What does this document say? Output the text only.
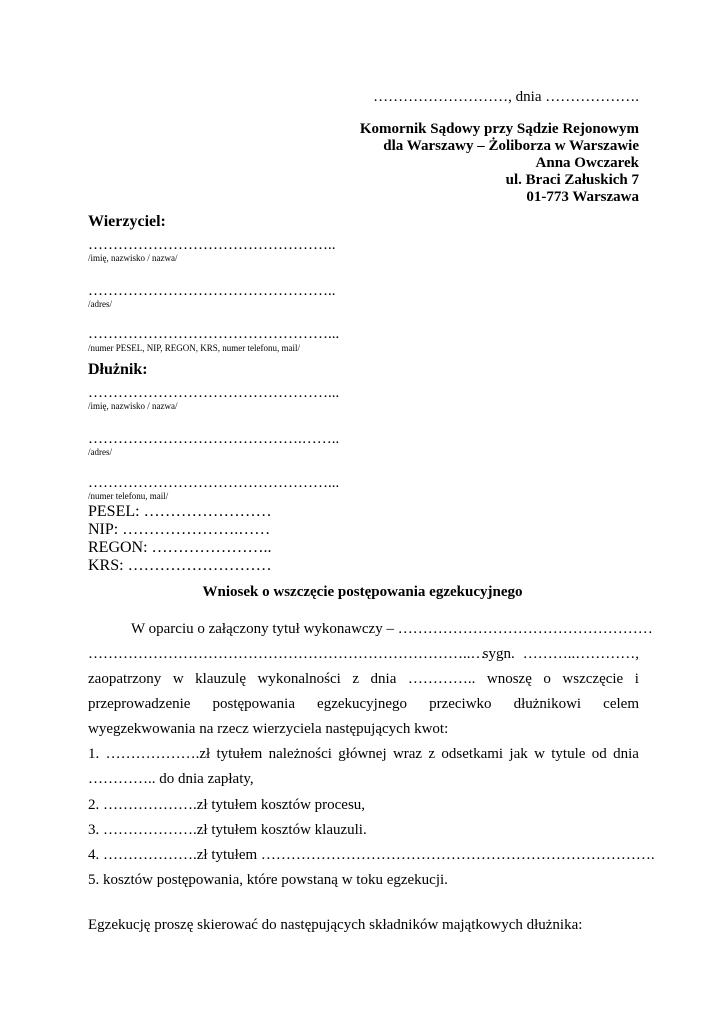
………………………, dnia ……………….
Komornik Sądowy przy Sądzie Rejonowym
dla Warszawy – Żoliborza w Warszawie
Anna Owczarek
ul. Braci Załuskich 7
01-773 Warszawa
Wierzyciel:
…………………………………………..
/imię, nazwisko / nazwa/
…………………………………………..
/adres/
…………………………………………...
/numer PESEL, NIP, REGON, KRS, numer telefonu, mail/
Dłużnik:
…………………………………………...
/imię, nazwisko / nazwa/
…………………………………….……..
/adres/
…………………………………………...
/numer telefonu, mail/
PESEL: ……………………
NIP: ………………….……
REGON: …………………..
KRS: ………………………
Wniosek o wszczęcie postępowania egzekucyjnego
W oparciu o załączony tytuł wykonawczy – ……………………………………………
…………………………………………………………………..…
sygn. ………..…………,
zaopatrzony w klauzulę wykonalności z dnia ………….. wnoszę o wszczęcie i
przeprowadzenie postępowania egzekucyjnego przeciwko dłużnikowi celem
wyegzekwowania na rzecz wierzyciela następujących kwot:
1. ……………….zł tytułem należności głównej wraz z odsetkami jak w tytule od dnia
………….. do dnia zapłaty,
2. ……………….zł tytułem kosztów procesu,
3. ……………….zł tytułem kosztów klauzuli.
4. ……………….zł tytułem …………………………………………………………………….
5. kosztów postępowania, które powstaną w toku egzekucji.
Egzekucję proszę skierować do następujących składników majątkowych dłużnika:
